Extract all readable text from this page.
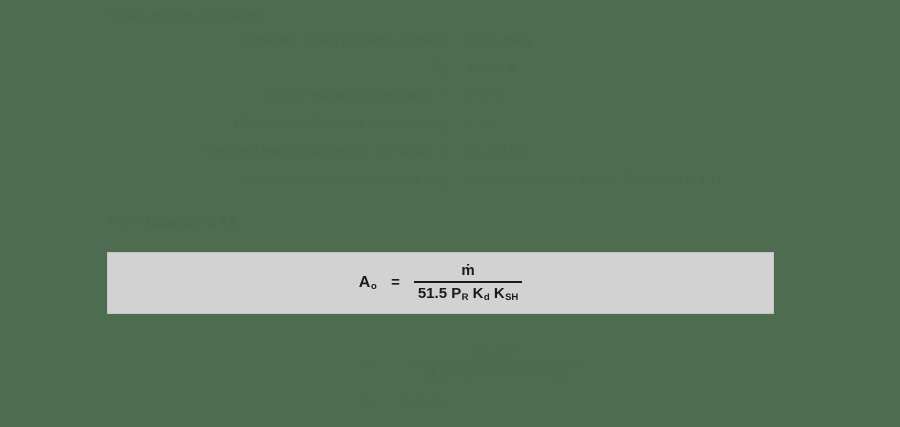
Steam system conditions:
Upstream (inlet) relieving pressure : 362.5 psi g
$P_R$ : 377psi a
Steam relieving temperature, T : 672 °F
Effective coefficient of discharge, $K_d$ : 0.72
Required mass flow through the valve, ṁ : 10 259 lb/h
Superheated correction factor, $K_{SH}$ : 0.92 (superheated steam. See Table 9.4.1)
From Equation 9.4.8
$A_o = \frac{\text{ṁ}}{51.5 P_R K_d K_{SH}}$
Ao	$\frac{10 259}{51.5 x 377 x 0.72 x 0.92}$
Ao =	0.88 in 2
